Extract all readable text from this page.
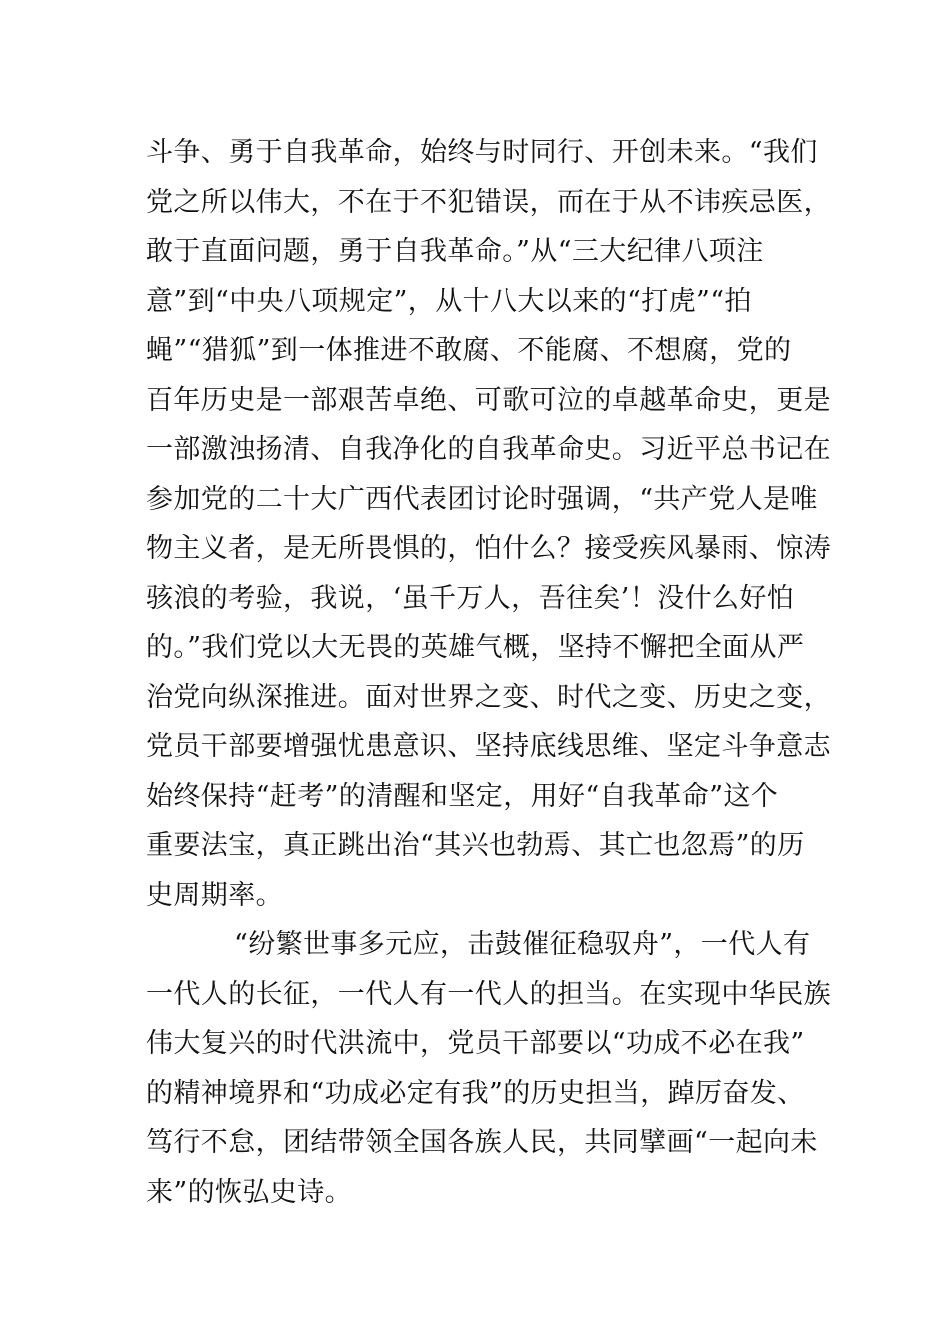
斗争、勇于自我革命，始终与时同行、开创未来。“我们
党之所以伟大，不在于不犯错误，而在于从不讳疾忌医，
敢于直面问题，勇于自我革命。”从“三大纪律八项注
意”到“中央八项规定”，从十八大以来的“打虎”“拍
蝇”“猎狐”到一体推进不敢腐、不能腐、不想腐，党的
百年历史是一部艰苦卓绝、可歌可泣的卓越革命史，更是
一部激浊扬清、自我净化的自我革命史。习近平总书记在
参加党的二十大广西代表团讨论时强调，“共产党人是唯
物主义者，是无所畏惧的，怕什么？接受疾风暴雨、惊涛
骇浪的考验，我说，‘虽千万人，吾往矣’！没什么好怕
的。”我们党以大无畏的英雄气概，坚持不懈把全面从严
治党向纵深推进。面对世界之变、时代之变、历史之变，
党员干部要增强忧患意识、坚持底线思维、坚定斗争意志
始终保持“赶考”的清醒和坚定，用好“自我革命”这个
重要法宝，真正跳出治“其兴也勃焉、其亡也忽焉”的历
史周期率。
“纷繁世事多元应，击鼓催征稳驭舟”，一代人有
一代人的长征，一代人有一代人的担当。在实现中华民族
伟大复兴的时代洪流中，党员干部要以“功成不必在我”
的精神境界和“功成必定有我”的历史担当，踔厉奋发、
笃行不怠，团结带领全国各族人民，共同擘画“一起向未
来”的恢弘史诗。
